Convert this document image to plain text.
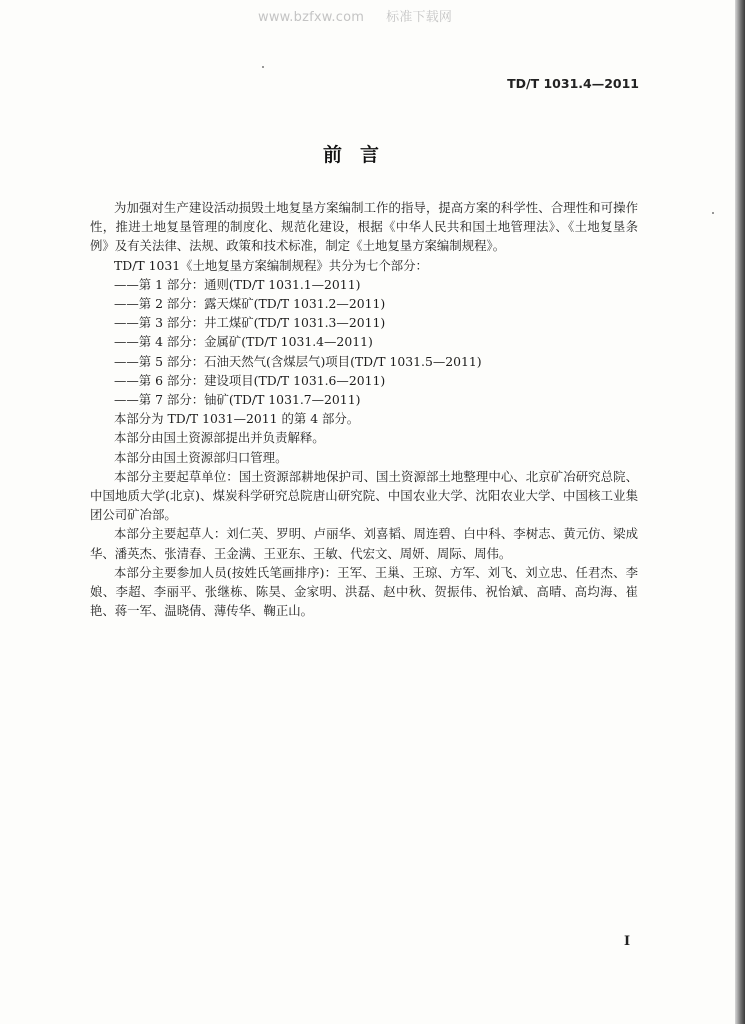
www.bzfxw.com 标准下载网
TD/T 1031.4—2011
前言

为加强对生产建设活动损毁土地复垦方案编制工作的指导，提高方案的科学性、合理性和可操作性，推进土地复垦管理的制度化、规范化建设，根据《中华人民共和国土地管理法》、《土地复垦条例》及有关法律、法规、政策和技术标准，制定《土地复垦方案编制规程》。

TD/T 1031《土地复垦方案编制规程》共分为七个部分：

——第 1 部分：通则(TD/T 1031.1—2011)

——第 2 部分：露天煤矿(TD/T 1031.2—2011)

——第 3 部分：井工煤矿(TD/T 1031.3—2011)

——第 4 部分：金属矿(TD/T 1031.4—2011)

——第 5 部分：石油天然气(含煤层气)项目(TD/T 1031.5—2011)

——第 6 部分：建设项目(TD/T 1031.6—2011)

——第 7 部分：铀矿(TD/T 1031.7—2011)

本部分为 TD/T 1031—2011 的第 4 部分。

本部分由国土资源部提出并负责解释。

本部分由国土资源部归口管理。

本部分主要起草单位：国土资源部耕地保护司、国土资源部土地整理中心、北京矿冶研究总院、中国地质大学(北京)、煤炭科学研究总院唐山研究院、中国农业大学、沈阳农业大学、中国核工业集团公司矿冶部。

本部分主要起草人：刘仁芙、罗明、卢丽华、刘喜韬、周连碧、白中科、李树志、黄元仿、梁成华、潘英杰、张清春、王金满、王亚东、王敏、代宏文、周妍、周际、周伟。

本部分主要参加人员(按姓氏笔画排序)：王军、王巢、王琼、方军、刘飞、刘立忠、任君杰、李娘、李超、李丽平、张继栋、陈昊、金家明、洪磊、赵中秋、贺振伟、祝怡斌、高晴、高均海、崔艳、蒋一军、温晓倩、薄传华、鞠正山。

I
